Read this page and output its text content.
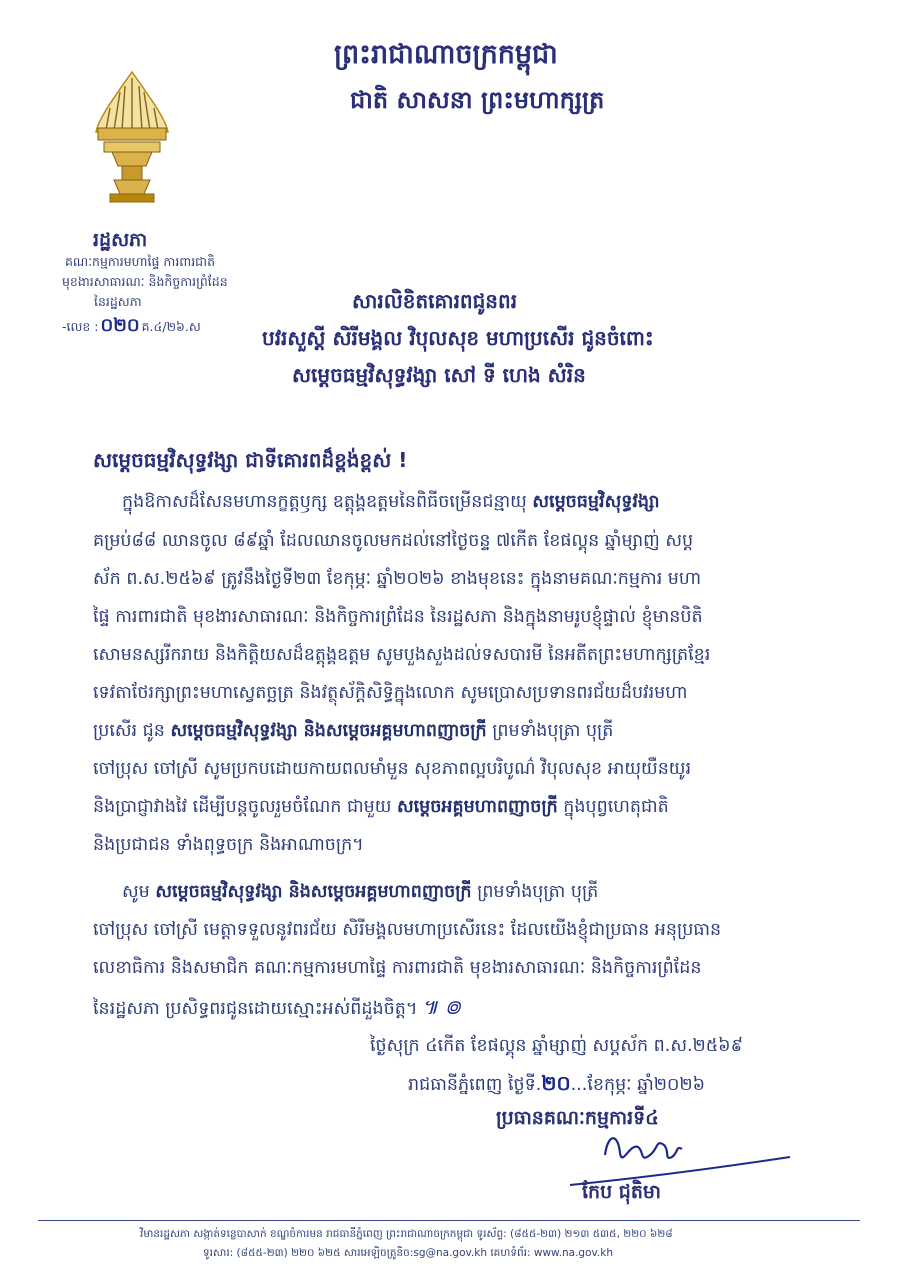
ព្រះរាជាណាចក្រកម្ពុជា
ជាតិ សាសនា ព្រះមហាក្សត្រ
រដ្ឋសភា
គណៈកម្មការមហាផ្ទៃ ការពារជាតិ
មុខងារសាធារណៈ និងកិច្ចការព្រំដែន
នៃរដ្ឋសភា
-លេខ : ០២០ គ.៤/២៦.ស
សារលិខិតគោរពជូនពរ
បវរសួស្តី សិរីមង្គល វិបុលសុខ មហាប្រសើរ ជូនចំពោះ
សម្តេចធម្មវិសុទ្ធវង្សា សៅ ទី ហេង សំរិន
សម្តេចធម្មវិសុទ្ធវង្សា ជាទីគោរពដ៏ខ្ពង់ខ្ពស់ !
ក្នុងឱកាសដ៏សែនមហានក្ខត្តឫក្ស ឧត្តុង្គឧត្តមនៃពិធីចម្រើនជន្មាយុ សម្តេចធម្មវិសុទ្ធវង្សា
គម្រប់៨៨ ឈានចូល ៨៩ឆ្នាំ ដែលឈានចូលមកដល់នៅថ្ងៃចន្ទ ៧កើត ខែផល្គុន ឆ្នាំម្សាញ់ សប្ត
ស័ក ព.ស.២៥៦៩ ត្រូវនឹងថ្ងៃទី២៣ ខែកុម្ភៈ ឆ្នាំ២០២៦ ខាងមុខនេះ ក្នុងនាមគណៈកម្មការ មហា
ផ្ទៃ ការពារជាតិ មុខងារសាធារណៈ និងកិច្ចការព្រំដែន នៃរដ្ឋសភា និងក្នុងនាមរូបខ្ញុំផ្ទាល់ ខ្ញុំមានបិតិ
សោមនស្សរីករាយ និងកិត្តិយសដ៏ឧត្តុង្គឧត្តម សូមបួងសួងដល់ទសបារមី នៃអតីតព្រះមហាក្សត្រខ្មែរ
ទេវតាថែរក្សាព្រះមហាស្វេតច្ឆត្រ និងវត្ថុស័ក្តិសិទ្ធិក្នុងលោក សូមប្រោសប្រទានពរជ័យដ៏បវរមហា
ប្រសើរ ជូន សម្តេចធម្មវិសុទ្ធវង្សា និងសម្តេចអគ្គមហាពញាចក្រី ព្រមទាំងបុត្រា បុត្រី
ចៅប្រុស ចៅស្រី សូមប្រកបដោយកាយពលមាំមួន សុខភាពល្អបរិបូណ៌ វិបុលសុខ អាយុយឺនយូរ
និងប្រាជ្ញាវាងវៃ ដើម្បីបន្តចូលរួមចំណែក ជាមួយ សម្តេចអគ្គមហាពញាចក្រី ក្នុងបុព្វហេតុជាតិ
និងប្រជាជន ទាំងពុទ្ធចក្រ និងអាណាចក្រ។
សូម សម្តេចធម្មវិសុទ្ធវង្សា និងសម្តេចអគ្គមហាពញាចក្រី ព្រមទាំងបុត្រា បុត្រី
ចៅប្រុស ចៅស្រី មេត្តាទទួលនូវពរជ័យ សិរីមង្គលមហាប្រសើរនេះ ដែលយើងខ្ញុំជាប្រធាន អនុប្រធាន
លេខាធិការ និងសមាជិក គណៈកម្មការមហាផ្ទៃ ការពារជាតិ មុខងារសាធារណៈ និងកិច្ចការព្រំដែន
នៃរដ្ឋសភា ប្រសិទ្ធពរជូនដោយស្មោះអស់ពីដួងចិត្ត។ ៕ ៙
ថ្ងៃសុក្រ ៤កើត ខែផល្គុន ឆ្នាំម្សាញ់ សប្តស័ក ព.ស.២៥៦៩
រាជធានីភ្នំពេញ ថ្ងៃទី.២០...ខែកុម្ភៈ ឆ្នាំ២០២៦
ប្រធានគណៈកម្មការទី៤
កែប ជុតិមា
វិមានរដ្ឋសភា សង្កាត់ទន្លេបាសាក់ ខណ្ឌចំការមន រាជធានីភ្នំពេញ ព្រះរាជាណាចក្រកម្ពុជា ទូរស័ព្ទ: (៨៥៥-២៣) ២១៣ ៥៣៥, ២២០ ៦២៨
ទូរសារ: (៨៥៥-២៣) ២២០ ៦២៥ សារអេឡិចត្រូនិច:sg@na.gov.kh គេហទំព័រ: www.na.gov.kh
